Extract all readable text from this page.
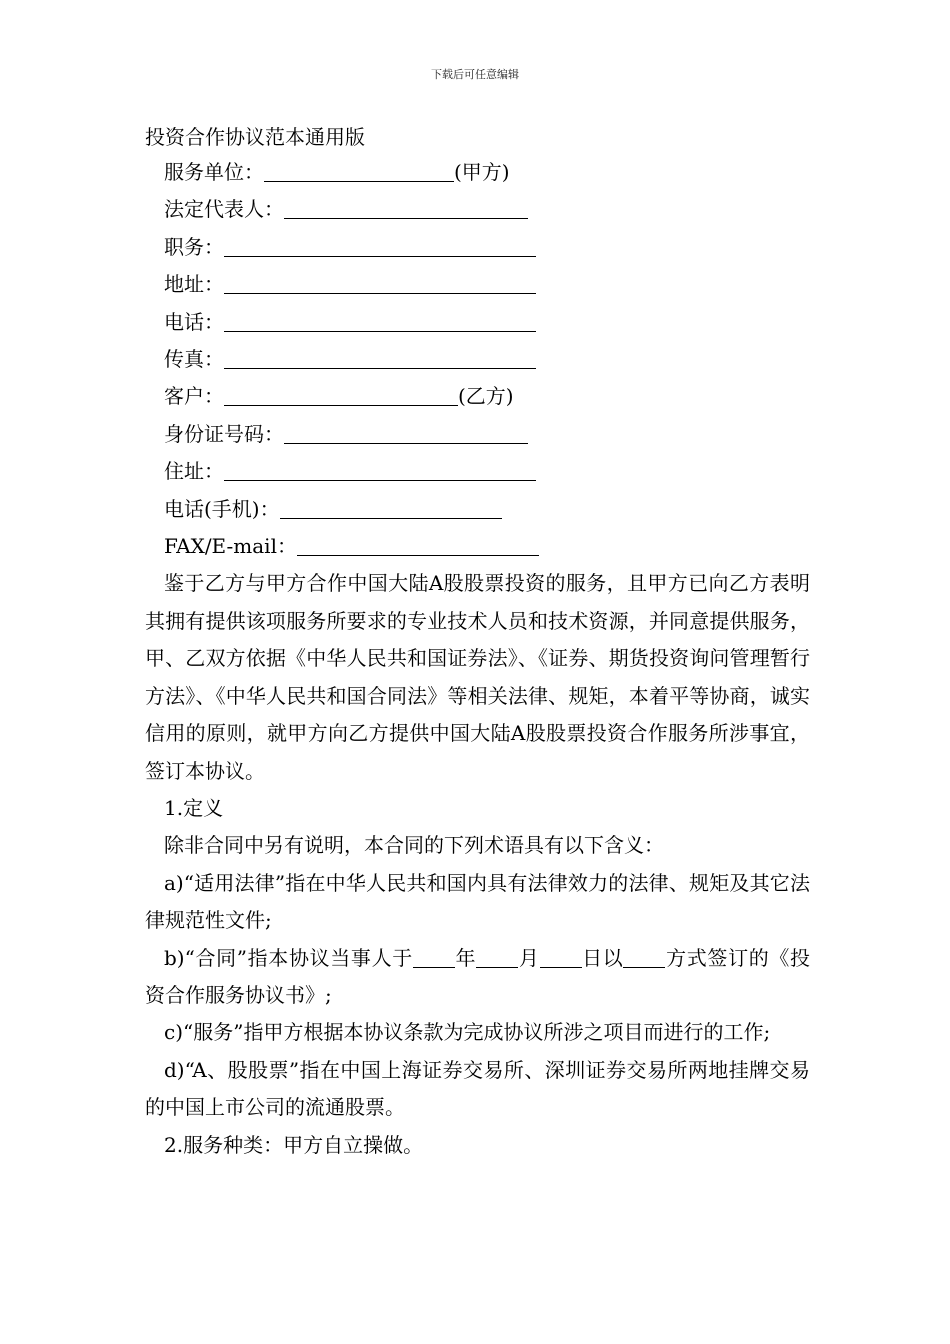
下载后可任意编辑

投资合作协议范本通用版

服务单位：	(甲方)

法定代表人：

职务：

地址：

电话：

传真：

客户：	(乙方)

身份证号码：

住址：

电话(手机)：

FAX/E-mail：

鉴于乙方与甲方合作中国大陆A股股票投资的服务，且甲方已向乙方表明其拥有提供该项服务所要求的专业技术人员和技术资源，并同意提供服务，甲、乙双方依据《中华人民共和国证券法》、《证券、期货投资询问管理暂行方法》、《中华人民共和国合同法》等相关法律、规矩，本着平等协商，诚实信用的原则，就甲方向乙方提供中国大陆A股股票投资合作服务所涉事宜，签订本协议。

1.定义

除非合同中另有说明，本合同的下列术语具有以下含义：

a)“适用法律”指在中华人民共和国内具有法律效力的法律、规矩及其它法律规范性文件;

b)“合同”指本协议当事人于 年 月 日以 方式签订的《投资合作服务协议书》;

c)“服务”指甲方根据本协议条款为完成协议所涉之项目而进行的工作;

d)“A、股股票”指在中国上海证券交易所、深圳证券交易所两地挂牌交易的中国上市公司的流通股票。

2.服务种类：甲方自立操做。
